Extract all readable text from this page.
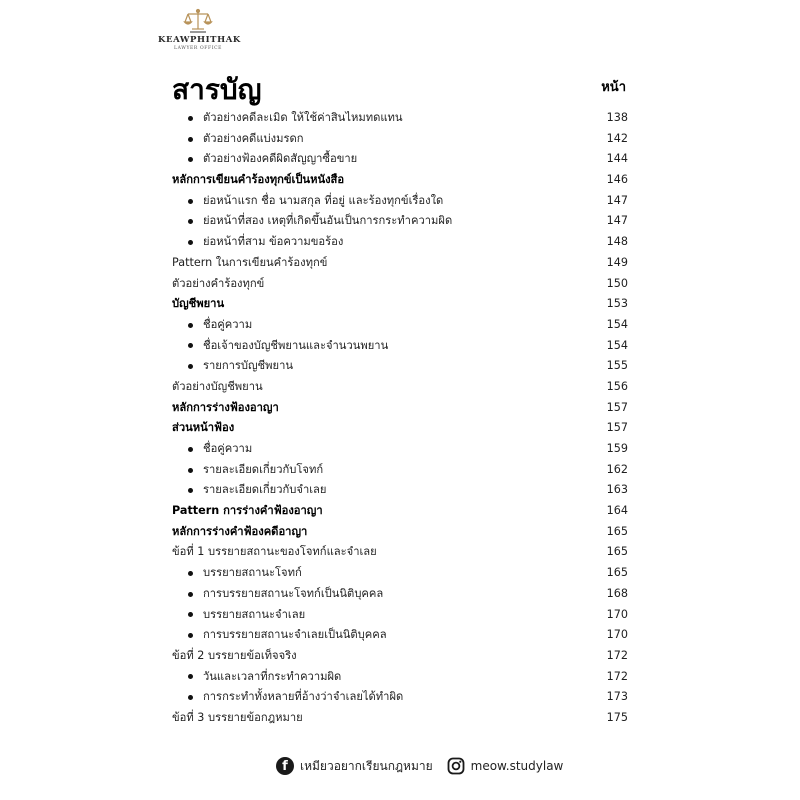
KEAWPHITHAK
LAWYER OFFICE
สารบัญ	หน้า
ตัวอย่างคดีละเมิด ให้ใช้ค่าสินไหมทดแทน	138
ตัวอย่างคดีแบ่งมรดก	142
ตัวอย่างฟ้องคดีผิดสัญญาซื้อขาย	144
หลักการเขียนคำร้องทุกข์เป็นหนังสือ	146
ย่อหน้าแรก ชื่อ นามสกุล ที่อยู่ และร้องทุกข์เรื่องใด	147
ย่อหน้าที่สอง เหตุที่เกิดขึ้นอันเป็นการกระทำความผิด	147
ย่อหน้าที่สาม ข้อความขอร้อง	148
Pattern ในการเขียนคำร้องทุกข์	149
ตัวอย่างคำร้องทุกข์	150
บัญชีพยาน	153
ชื่อคู่ความ	154
ชื่อเจ้าของบัญชีพยานและจำนวนพยาน	154
รายการบัญชีพยาน	155
ตัวอย่างบัญชีพยาน	156
หลักการร่างฟ้องอาญา	157
ส่วนหน้าฟ้อง	157
ชื่อคู่ความ	159
รายละเอียดเกี่ยวกับโจทก์	162
รายละเอียดเกี่ยวกับจำเลย	163
Pattern การร่างคำฟ้องอาญา	164
หลักการร่างคำฟ้องคดีอาญา	165
ข้อที่ 1 บรรยายสถานะของโจทก์และจำเลย	165
บรรยายสถานะโจทก์	165
การบรรยายสถานะโจทก์เป็นนิติบุคคล	168
บรรยายสถานะจำเลย	170
การบรรยายสถานะจำเลยเป็นนิติบุคคล	170
ข้อที่ 2 บรรยายข้อเท็จจริง	172
วันและเวลาที่กระทำความผิด	172
การกระทำทั้งหลายที่อ้างว่าจำเลยได้ทำผิด	173
ข้อที่ 3 บรรยายข้อกฎหมาย	175
f	เหมียวอยากเรียนกฎหมาย	meow.studylaw
